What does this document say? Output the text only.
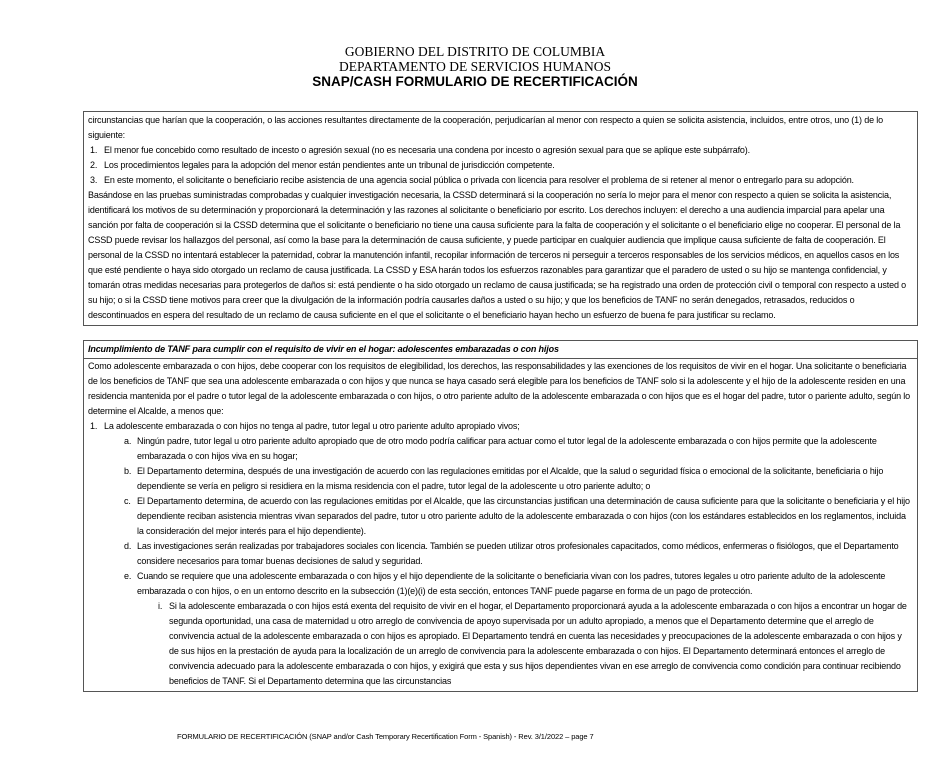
GOBIERNO DEL DISTRITO DE COLUMBIA
DEPARTAMENTO DE SERVICIOS HUMANOS
SNAP/CASH FORMULARIO DE RECERTIFICACIÓN

circunstancias que harían que la cooperación, o las acciones resultantes directamente de la cooperación, perjudicarían al menor con respecto a quien se solicita asistencia, incluidos, entre otros, uno (1) de lo siguiente:

1. El menor fue concebido como resultado de incesto o agresión sexual (no es necesaria una condena por incesto o agresión sexual para que se aplique este subpárrafo).
2. Los procedimientos legales para la adopción del menor están pendientes ante un tribunal de jurisdicción competente.
3. En este momento, el solicitante o beneficiario recibe asistencia de una agencia social pública o privada con licencia para resolver el problema de si retener al menor o entregarlo para su adopción.

Basándose en las pruebas suministradas comprobadas y cualquier investigación necesaria, la CSSD determinará si la cooperación no sería lo mejor para el menor con respecto a quien se solicita la asistencia, identificará los motivos de su determinación y proporcionará la determinación y las razones al solicitante o beneficiario por escrito. Los derechos incluyen: el derecho a una audiencia imparcial para apelar una sanción por falta de cooperación si la CSSD determina que el solicitante o beneficiario no tiene una causa suficiente para la falta de cooperación y el solicitante o el beneficiario elige no cooperar. El personal de la CSSD puede revisar los hallazgos del personal, así como la base para la determinación de causa suficiente, y puede participar en cualquier audiencia que implique causa suficiente de falta de cooperación. El personal de la CSSD no intentará establecer la paternidad, cobrar la manutención infantil, recopilar información de terceros ni perseguir a terceros responsables de los servicios médicos, en aquellos casos en los que esté pendiente o haya sido otorgado un reclamo de causa justificada. La CSSD y ESA harán todos los esfuerzos razonables para garantizar que el paradero de usted o su hijo se mantenga confidencial, y tomarán otras medidas necesarias para protegerlos de daños si: está pendiente o ha sido otorgado un reclamo de causa justificada; se ha registrado una orden de protección civil o temporal con respecto a usted o su hijo; o si la CSSD tiene motivos para creer que la divulgación de la información podría causarles daños a usted o su hijo; y que los beneficios de TANF no serán denegados, retrasados, reducidos o descontinuados en espera del resultado de un reclamo de causa suficiente en el que el solicitante o el beneficiario hayan hecho un esfuerzo de buena fe para justificar su reclamo.

Incumplimiento de TANF para cumplir con el requisito de vivir en el hogar: adolescentes embarazadas o con hijos

Como adolescente embarazada o con hijos, debe cooperar con los requisitos de elegibilidad, los derechos, las responsabilidades y las exenciones de los requisitos de vivir en el hogar. Una solicitante o beneficiaria de los beneficios de TANF que sea una adolescente embarazada o con hijos y que nunca se haya casado será elegible para los beneficios de TANF solo si la adolescente y el hijo de la adolescente residen en una residencia mantenida por el padre o tutor legal de la adolescente embarazada o con hijos, o otro pariente adulto de la adolescente embarazada o con hijos que es el hogar del padre, tutor o pariente adulto, según lo determine el Alcalde, a menos que:

1. La adolescente embarazada o con hijos no tenga al padre, tutor legal u otro pariente adulto apropiado vivos;
a. Ningún padre, tutor legal u otro pariente adulto apropiado que de otro modo podría calificar para actuar como el tutor legal de la adolescente embarazada o con hijos permite que la adolescente embarazada o con hijos viva en su hogar;
b. El Departamento determina, después de una investigación de acuerdo con las regulaciones emitidas por el Alcalde, que la salud o seguridad física o emocional de la solicitante, beneficiaria o hijo dependiente se vería en peligro si residiera en la misma residencia con el padre, tutor legal de la adolescente u otro pariente adulto; o
c. El Departamento determina, de acuerdo con las regulaciones emitidas por el Alcalde, que las circunstancias justifican una determinación de causa suficiente para que la solicitante o beneficiaria y el hijo dependiente reciban asistencia mientras vivan separados del padre, tutor u otro pariente adulto de la adolescente embarazada o con hijos (con los estándares establecidos en los reglamentos, incluida la consideración del mejor interés para el hijo dependiente).
d. Las investigaciones serán realizadas por trabajadores sociales con licencia. También se pueden utilizar otros profesionales capacitados, como médicos, enfermeras o fisiólogos, que el Departamento considere necesarios para tomar buenas decisiones de salud y seguridad.
e. Cuando se requiere que una adolescente embarazada o con hijos y el hijo dependiente de la solicitante o beneficiaria vivan con los padres, tutores legales u otro pariente adulto de la adolescente embarazada o con hijos, o en un entorno descrito en la subsección (1)(e)(i) de esta sección, entonces TANF puede pagarse en forma de un pago de protección.
i. Si la adolescente embarazada o con hijos está exenta del requisito de vivir en el hogar, el Departamento proporcionará ayuda a la adolescente embarazada o con hijos a encontrar un hogar de segunda oportunidad, una casa de maternidad u otro arreglo de convivencia de apoyo supervisada por un adulto apropiado, a menos que el Departamento determine que el arreglo de convivencia actual de la adolescente embarazada o con hijos es apropiado. El Departamento tendrá en cuenta las necesidades y preocupaciones de la adolescente embarazada o con hijos y de sus hijos en la prestación de ayuda para la localización de un arreglo de convivencia para la adolescente embarazada o con hijos. El Departamento determinará entonces el arreglo de convivencia adecuado para la adolescente embarazada o con hijos, y exigirá que esta y sus hijos dependientes vivan en ese arreglo de convivencia como condición para continuar recibiendo beneficios de TANF. Si el Departamento determina que las circunstancias
FORMULARIO DE RECERTIFICACIÓN (SNAP and/or Cash Temporary Recertification Form - Spanish) - Rev. 3/1/2022 – page 7
